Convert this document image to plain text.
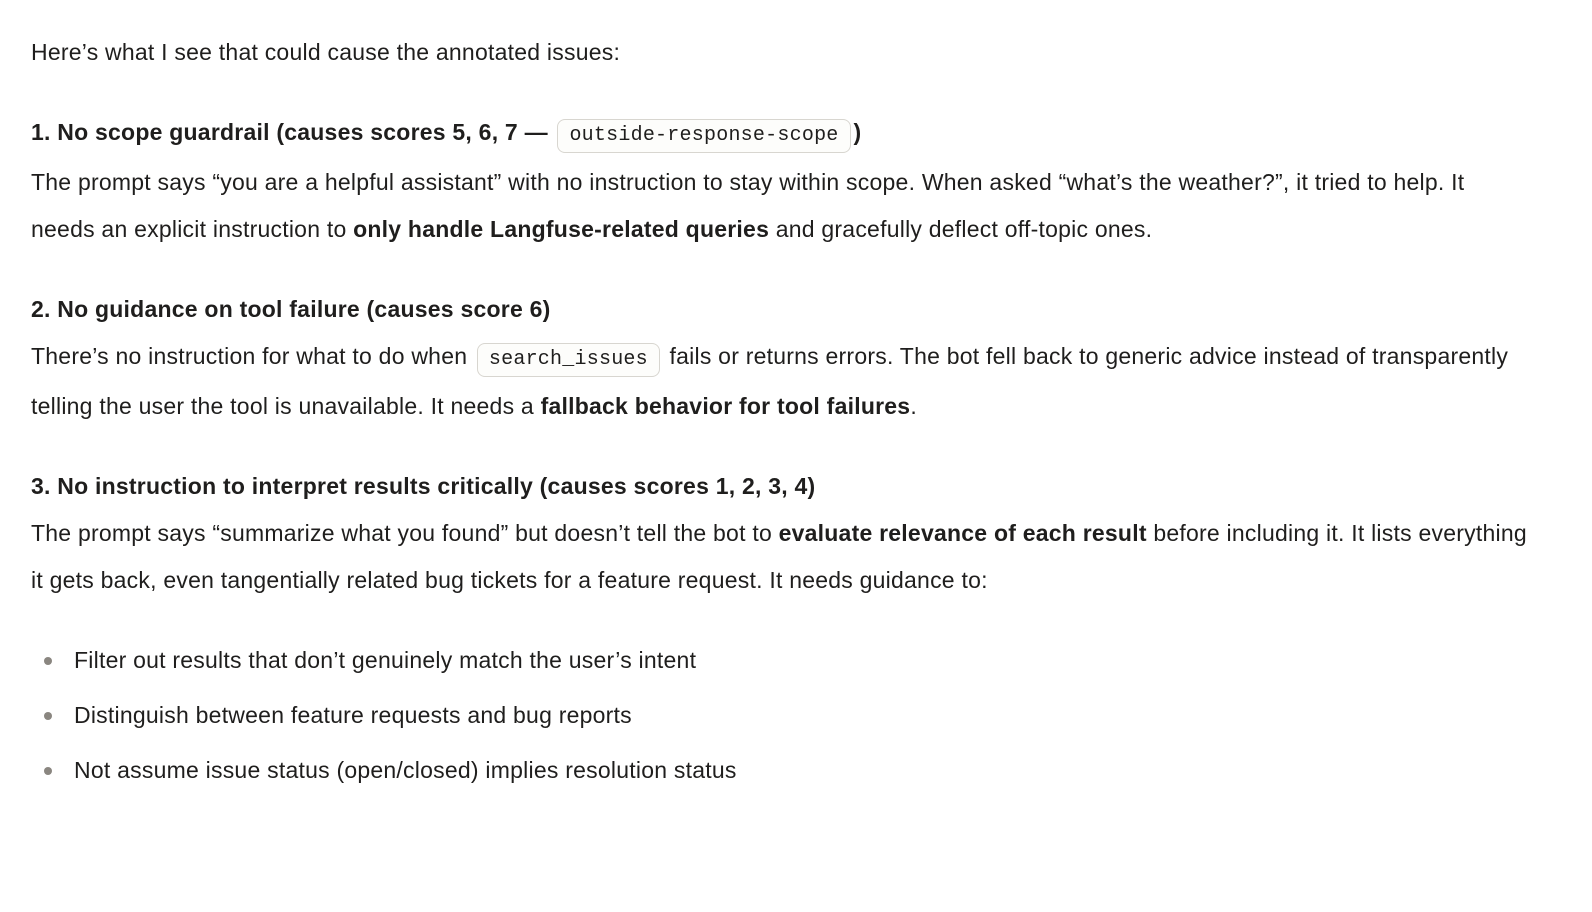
Here’s what I see that could cause the annotated issues:

1. No scope guardrail (causes scores 5, 6, 7 — outside-response-scope )
The prompt says “you are a helpful assistant” with no instruction to stay within scope. When asked “what’s the weather?”, it tried to help. It needs an explicit instruction to only handle Langfuse-related queries and gracefully deflect off-topic ones.

2. No guidance on tool failure (causes score 6)
There’s no instruction for what to do when search_issues fails or returns errors. The bot fell back to generic advice instead of transparently telling the user the tool is unavailable. It needs a fallback behavior for tool failures.

3. No instruction to interpret results critically (causes scores 1, 2, 3, 4)
The prompt says “summarize what you found” but doesn’t tell the bot to evaluate relevance of each result before including it. It lists everything it gets back, even tangentially related bug tickets for a feature request. It needs guidance to:

Filter out results that don’t genuinely match the user’s intent
Distinguish between feature requests and bug reports
Not assume issue status (open/closed) implies resolution status
